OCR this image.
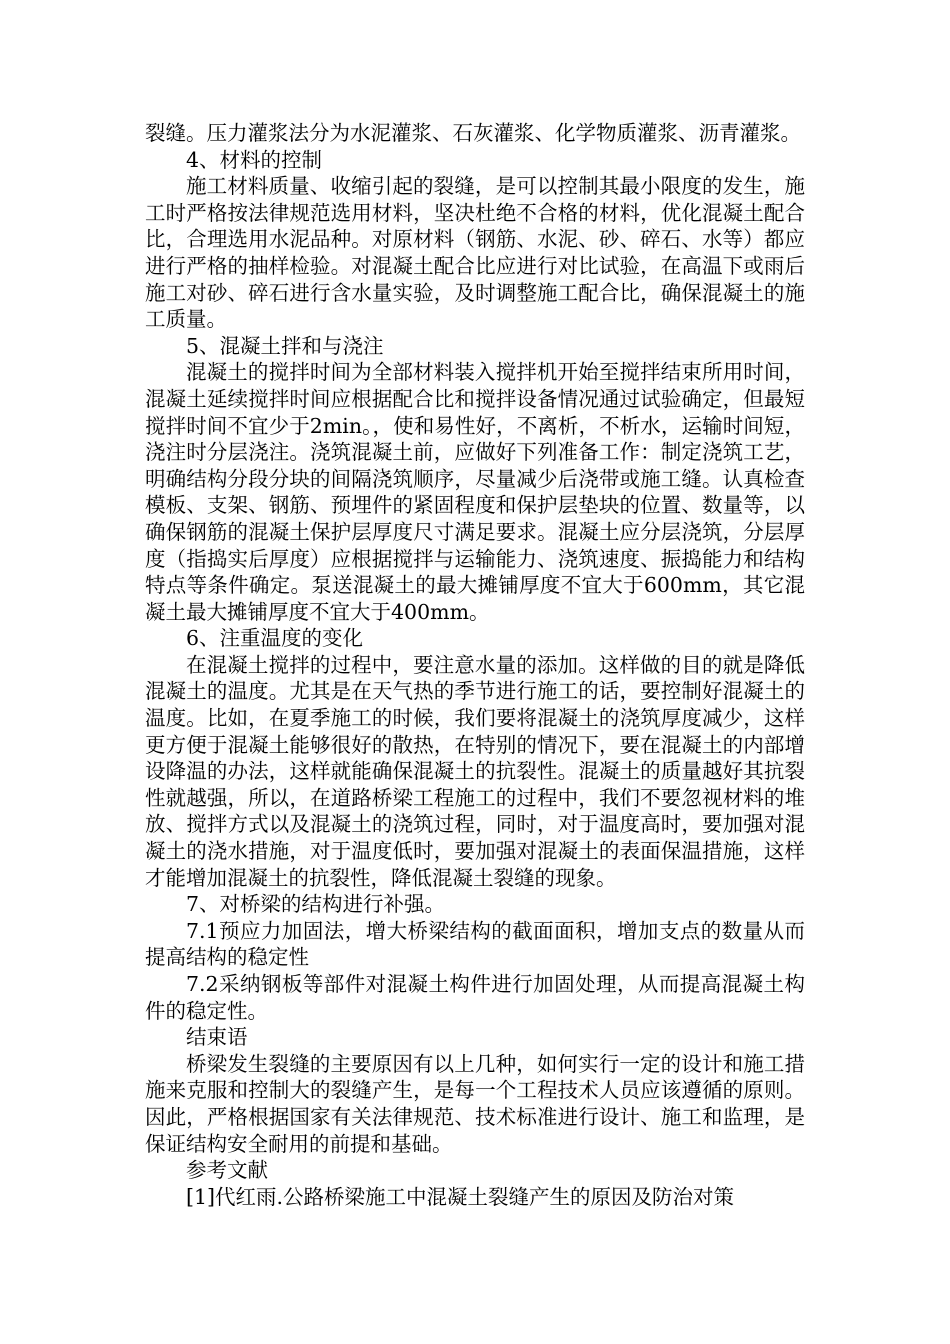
裂缝。压力灌浆法分为水泥灌浆、石灰灌浆、化学物质灌浆、沥青灌浆。

4、材料的控制

施工材料质量、收缩引起的裂缝，是可以控制其最小限度的发生，施工时严格按法律规范选用材料，坚决杜绝不合格的材料，优化混凝土配合比，合理选用水泥品种。对原材料（钢筋、水泥、砂、碎石、水等）都应进行严格的抽样检验。对混凝土配合比应进行对比试验，在高温下或雨后施工对砂、碎石进行含水量实验，及时调整施工配合比，确保混凝土的施工质量。

5、混凝土拌和与浇注

混凝土的搅拌时间为全部材料装入搅拌机开始至搅拌结束所用时间，混凝土延续搅拌时间应根据配合比和搅拌设备情况通过试验确定，但最短搅拌时间不宜少于2min。，使和易性好，不离析，不析水，运输时间短，浇注时分层浇注。浇筑混凝土前，应做好下列准备工作：制定浇筑工艺，明确结构分段分块的间隔浇筑顺序，尽量减少后浇带或施工缝。认真检查模板、支架、钢筋、预埋件的紧固程度和保护层垫块的位置、数量等，以确保钢筋的混凝土保护层厚度尺寸满足要求。混凝土应分层浇筑，分层厚度（指捣实后厚度）应根据搅拌与运输能力、浇筑速度、振捣能力和结构特点等条件确定。泵送混凝土的最大摊铺厚度不宜大于600mm，其它混凝土最大摊铺厚度不宜大于400mm。

6、注重温度的变化

在混凝土搅拌的过程中，要注意水量的添加。这样做的目的就是降低混凝土的温度。尤其是在天气热的季节进行施工的话，要控制好混凝土的温度。比如，在夏季施工的时候，我们要将混凝土的浇筑厚度减少，这样更方便于混凝土能够很好的散热，在特别的情况下，要在混凝土的内部增设降温的办法，这样就能确保混凝土的抗裂性。混凝土的质量越好其抗裂性就越强，所以，在道路桥梁工程施工的过程中，我们不要忽视材料的堆放、搅拌方式以及混凝土的浇筑过程，同时，对于温度高时，要加强对混凝土的浇水措施，对于温度低时，要加强对混凝土的表面保温措施，这样才能增加混凝土的抗裂性，降低混凝土裂缝的现象。

7、对桥梁的结构进行补强。

7.1预应力加固法，增大桥梁结构的截面面积，增加支点的数量从而提高结构的稳定性

7.2采纳钢板等部件对混凝土构件进行加固处理，从而提高混凝土构件的稳定性。

结束语

桥梁发生裂缝的主要原因有以上几种，如何实行一定的设计和施工措施来克服和控制大的裂缝产生，是每一个工程技术人员应该遵循的原则。因此，严格根据国家有关法律规范、技术标准进行设计、施工和监理，是保证结构安全耐用的前提和基础。

参考文献

[1]代红雨.公路桥梁施工中混凝土裂缝产生的原因及防治对策
